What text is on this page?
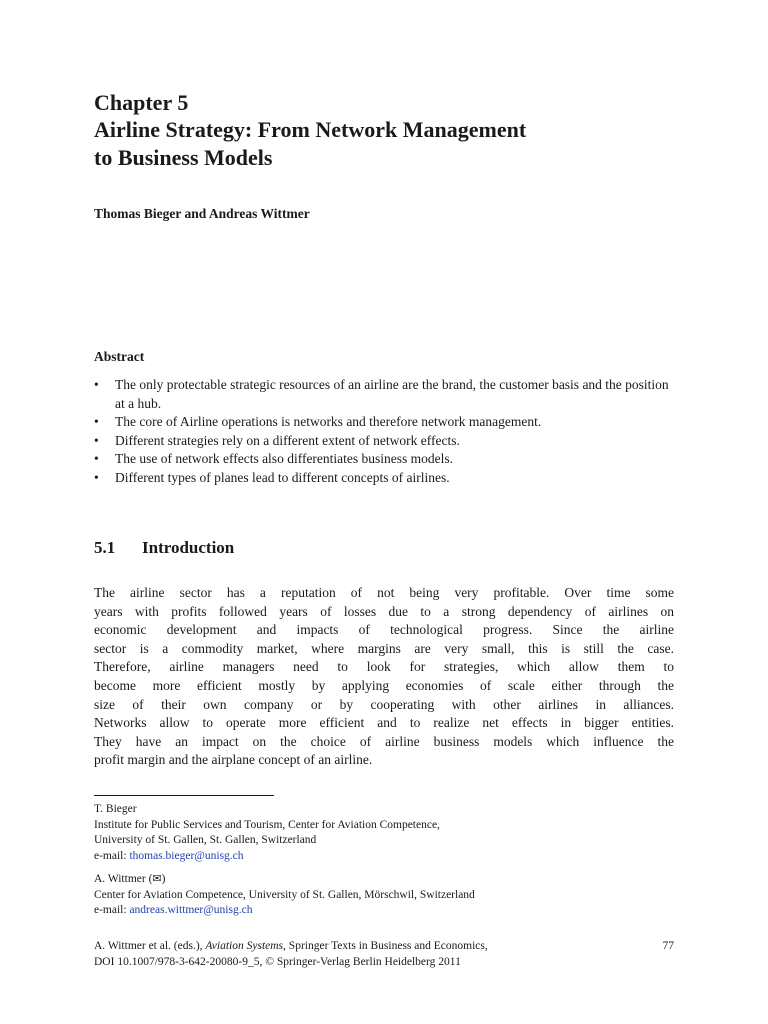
Chapter 5
Airline Strategy: From Network Management
to Business Models
Thomas Bieger and Andreas Wittmer
Abstract
• The only protectable strategic resources of an airline are the brand, the customer basis and the position at a hub.
• The core of Airline operations is networks and therefore network management.
• Different strategies rely on a different extent of network effects.
• The use of network effects also differentiates business models.
• Different types of planes lead to different concepts of airlines.
5.1 Introduction
The airline sector has a reputation of not being very profitable. Over time some
years with profits followed years of losses due to a strong dependency of airlines on
economic development and impacts of technological progress. Since the airline
sector is a commodity market, where margins are very small, this is still the case.
Therefore, airline managers need to look for strategies, which allow them to
become more efficient mostly by applying economies of scale either through the
size of their own company or by cooperating with other airlines in alliances.
Networks allow to operate more efficient and to realize net effects in bigger entities.
They have an impact on the choice of airline business models which influence the
profit margin and the airplane concept of an airline.
T. Bieger
Institute for Public Services and Tourism, Center for Aviation Competence,
University of St. Gallen, St. Gallen, Switzerland
e-mail: thomas.bieger@unisg.ch
A. Wittmer (✉)
Center for Aviation Competence, University of St. Gallen, Mörschwil, Switzerland
e-mail: andreas.wittmer@unisg.ch
A. Wittmer et al. (eds.), Aviation Systems, Springer Texts in Business and Economics,
DOI 10.1007/978-3-642-20080-9_5, © Springer-Verlag Berlin Heidelberg 2011
77
